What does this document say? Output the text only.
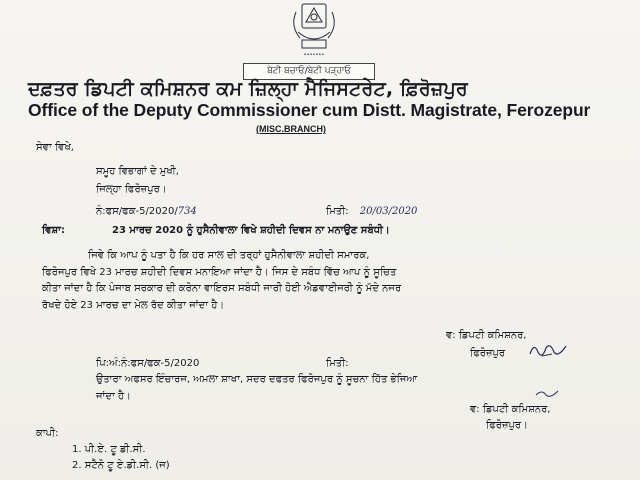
•••••••
ਬੇਟੀ ਬਚਾਓ/ਬੇਟੀ ਪੜ੍ਹਾਓ
ਦਫ਼ਤਰ ਡਿਪਟੀ ਕਮਿਸ਼ਨਰ ਕਮ ਜ਼ਿਲ੍ਹਾ ਮੈਜਿਸਟਰੇਟ, ਫ਼ਿਰੋਜ਼ਪੁਰ
Office of the Deputy Commissioner cum Distt. Magistrate, Ferozepur
(MISC.BRANCH)
ਸੇਵਾ ਵਿਖੇ,
ਸਮੂਹ ਵਿਭਾਗਾਂ ਦੇ ਮੁਖੀ,
ਜਿਲ੍ਹਾ ਫਿਰੋਜ਼ਪੁਰ।
ਨੰ:ਫਸ/ਫਕ-5/2020/734	ਮਿਤੀ: 20/03/2020
ਵਿਸ਼ਾ:	23 ਮਾਰਚ 2020 ਨੂੰ ਹੁਸੈਨੀਵਾਲਾ ਵਿਖੇ ਸ਼ਹੀਦੀ ਦਿਵਸ ਨਾ ਮਨਾਉਣ ਸਬੰਧੀ।

ਜਿਵੇ ਕਿ ਆਪ ਨੂੰ ਪਤਾ ਹੈ ਕਿ ਹਰ ਸਾਲ ਦੀ ਤਰ੍ਹਾਂ ਹੁਸੈਨੀਵਾਲਾ ਸ਼ਹੀਦੀ ਸਮਾਰਕ,

ਫਿਰੋਜਪੁਰ ਵਿਖੇ 23 ਮਾਰਚ ਸ਼ਹੀਦੀ ਦਿਵਸ ਮਨਾਇਆ ਜਾਂਦਾ ਹੈ। ਜਿਸ ਦੇ ਸਬੰਧ ਵਿੱਚ ਆਪ ਨੂੰ ਸੂਚਿਤ

ਕੀਤਾ ਜਾਂਦਾ ਹੈ ਕਿ ਪੰਜਾਬ ਸਰਕਾਰ ਦੀ ਕਰੋਨਾ ਵਾਇਰਸ ਸਬੰਧੀ ਜਾਰੀ ਹੋਈ ਐਡਵਾਈਜਰੀ ਨੂੰ ਮੱਦੇ ਨਜਰ

ਰੱਖਦੇ ਹੋਏ 23 ਮਾਰਚ ਦਾ ਮੇਲ ਰੱਦ ਕੀਤਾ ਜਾਂਦਾ ਹੈ।

ਵ: ਡਿਪਟੀ ਕਮਿਸ਼ਨਰ,
ਫਿਰੋਜ਼ਪੁਰ
ਪਿ:ਅੰ:ਨੰ:ਫਸ/ਫਕ-5/2020	ਮਿਤੀ:
ਉਤਾਰਾ ਅਫਸਰ ਇੰਚਾਰਜ, ਅਮਲਾ ਸ਼ਾਖਾ, ਸਦਰ ਦਫਤਰ ਫਿਰੋਜਪੁਰ ਨੂੰ ਸੂਚਨਾ ਹਿੱਤ ਭੇਜਿਆ
ਜਾਂਦਾ ਹੈ।
ਵ: ਡਿਪਟੀ ਕਮਿਸ਼ਨਰ,
ਫਿਰੋਜ਼ਪੁਰ।
ਕਾਪੀ:
1. ਪੀ.ਏ. ਟੂ ਡੀ.ਸੀ.
2. ਸਟੈਨੋ ਟੂ ਏ.ਡੀ.ਸੀ. (ਜ)
